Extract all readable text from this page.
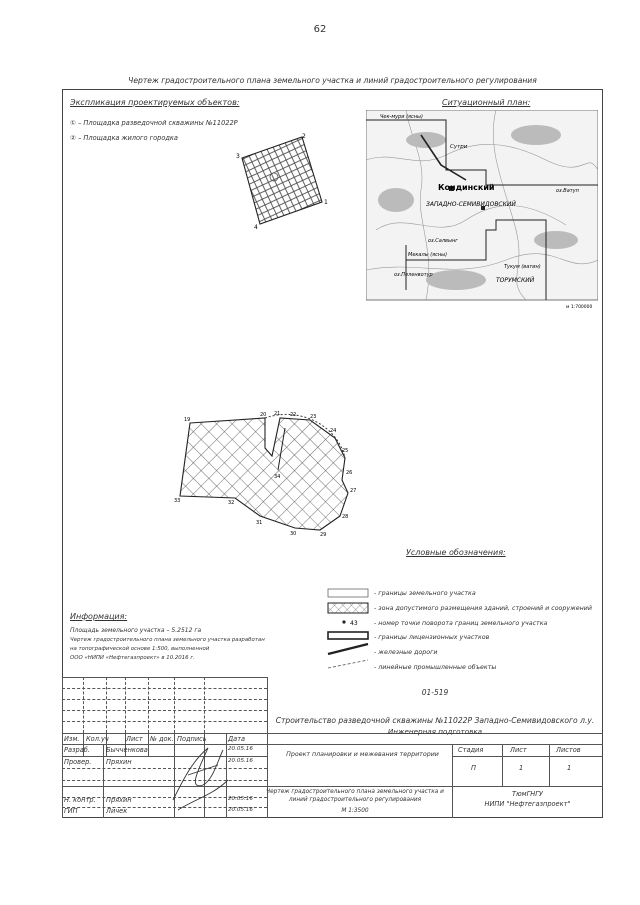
62
Чертеж градостроительного плана земельного участка и линий градостроительного регулирования
Экспликация проектируемых объектов:
① – Площадка разведочной скважины №11022Р
② – Площадка жилого городка
1
2
3
4
Ситуационный план:
Чек-мури (ясны)
Сутри
Кондинский
ЗАПАДНО-СЕМИВИДОВСКИЙ
оз.Ватуп
оз.Салвынг
Мекалы (ясны)
Тукум (ватин)
ТОРУМСКИЙ
оз.Пеленвотур
м 1:700000
19
20 21 22	23
24
25
26
27
28
29
30
31
32
33
34
Условные обозначения:
43
- границы земельного участка
- зона допустимого размещения зданий, строений и сооружений
- номер точки поворота границ земельного участка
- границы лицензионных участков
- железные дороги
- линейные промышленные объекты
Информация:
Площадь земельного участка – 5.2512 га
Чертеж градостроительного плана земельного участка разработан
на топографической основе 1:500, выполненной
ООО «НИПИ «Нефтегазпроект» в 10.2016 г.
01-519
Строительство разведочной скважины №11022Р Западно-Семивидовского л.у.
Инженерная подготовка
Изм. Кол.уч	Лист № док. Подпись	Дата
Разраб. Бычченкова	20.05.16
Провер. Пряхин	20.05.16
Н. контр. Пряхин	20.05.16
ГИП	Личек	20.05.16
Проект планировки и межевания территории
Стадия	Лист	Листов
П	1	1
Чертеж градостроительного плана земельного участка и линий градостроительного регулирования
М 1:3500
ТюмГНГУ
НИПИ "Нефтегазпроект"
